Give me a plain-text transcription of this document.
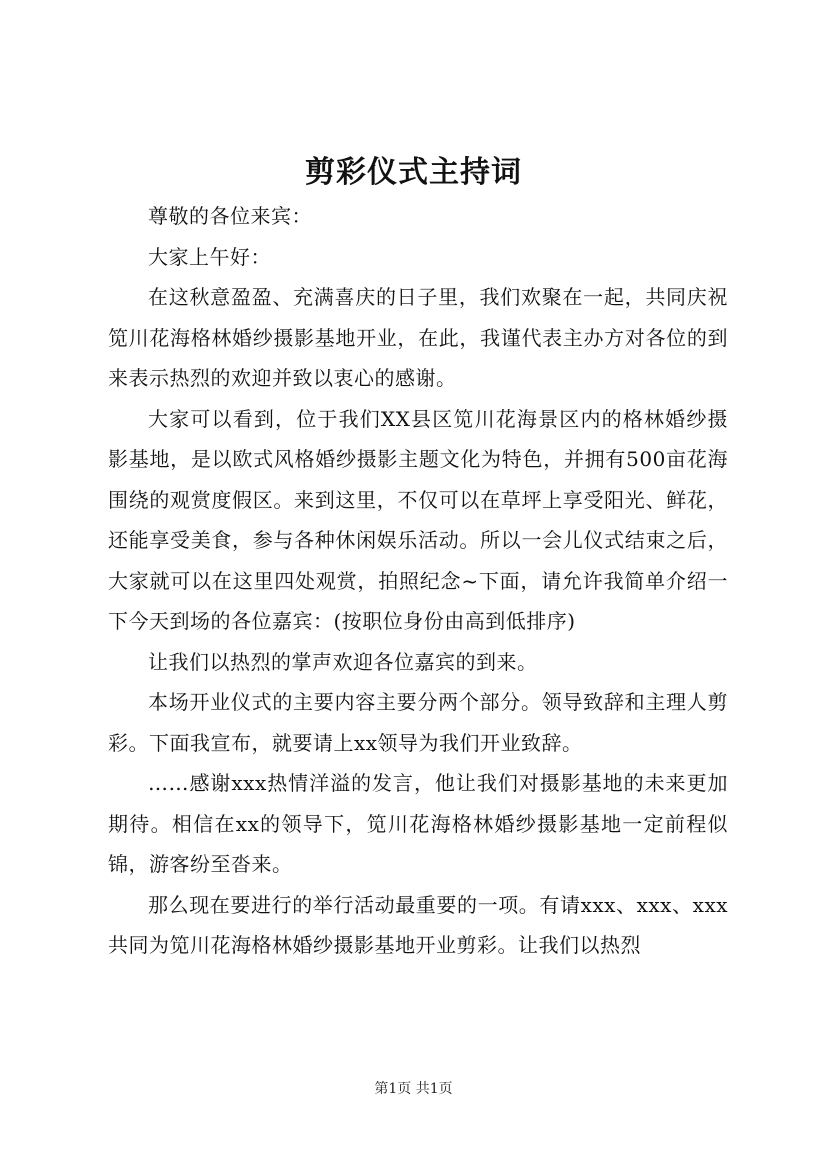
剪彩仪式主持词

尊敬的各位来宾：

大家上午好：

在这秋意盈盈、充满喜庆的日子里，我们欢聚在一起，共同庆祝笕川花海格林婚纱摄影基地开业，在此，我谨代表主办方对各位的到来表示热烈的欢迎并致以衷心的感谢。

大家可以看到，位于我们XX县区笕川花海景区内的格林婚纱摄影基地，是以欧式风格婚纱摄影主题文化为特色，并拥有500亩花海围绕的观赏度假区。来到这里，不仅可以在草坪上享受阳光、鲜花，还能享受美食，参与各种休闲娱乐活动。所以一会儿仪式结束之后，大家就可以在这里四处观赏，拍照纪念~下面，请允许我简单介绍一下今天到场的各位嘉宾：(按职位身份由高到低排序)

让我们以热烈的掌声欢迎各位嘉宾的到来。

本场开业仪式的主要内容主要分两个部分。领导致辞和主理人剪彩。下面我宣布，就要请上xx领导为我们开业致辞。

……感谢xxx热情洋溢的发言，他让我们对摄影基地的未来更加期待。相信在xx的领导下，笕川花海格林婚纱摄影基地一定前程似锦，游客纷至沓来。

那么现在要进行的举行活动最重要的一项。有请xxx、xxx、xxx共同为笕川花海格林婚纱摄影基地开业剪彩。让我们以热烈

第1页 共1页
